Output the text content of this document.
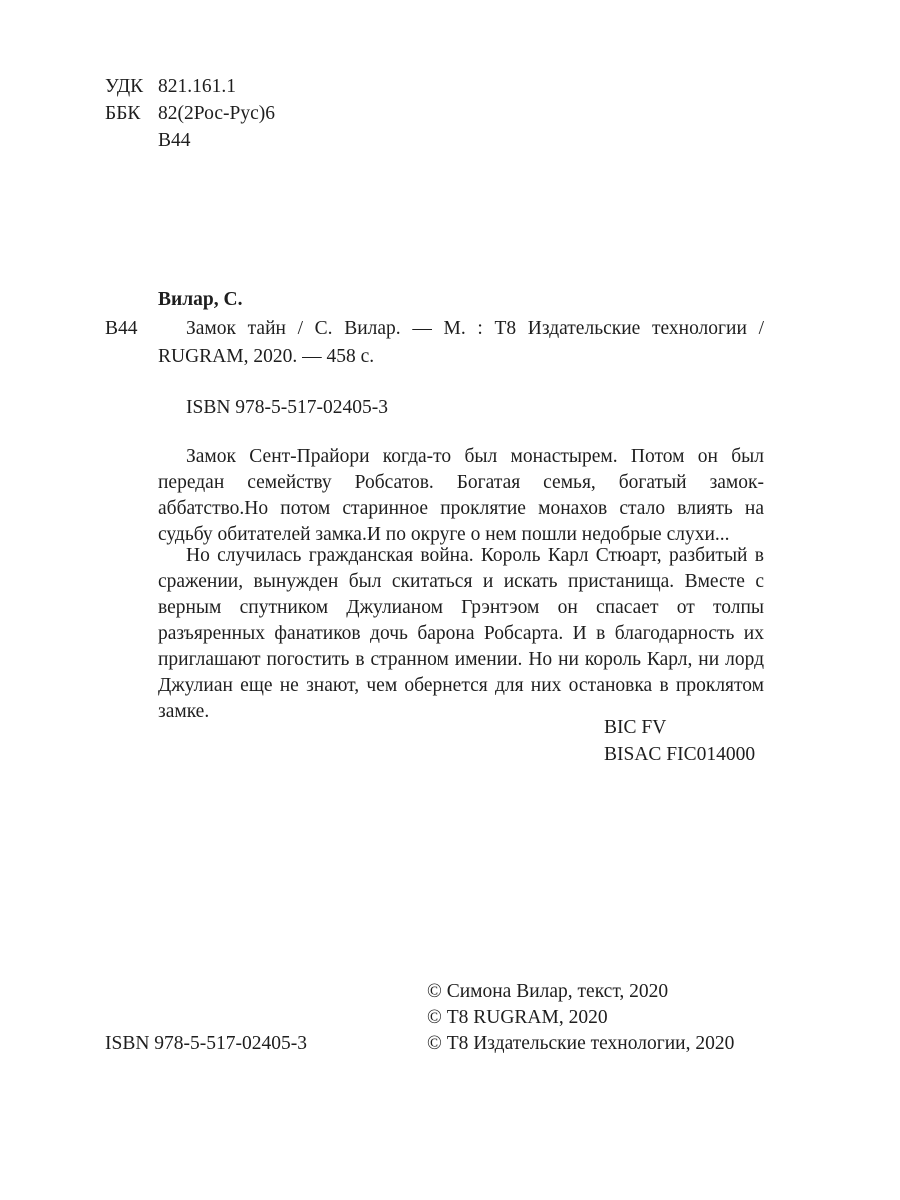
УДК 821.161.1
ББК 82(2Рос-Рус)6
В44
Вилар, С.
В44 Замок тайн / С. Вилар. — М. : Т8 Издательские технологии /
RUGRAM, 2020. — 458 с.
ISBN 978-5-517-02405-3

Замок Сент-Прайори когда-то был монастырем. Потом он был передан семейству Робсатов. Богатая семья, богатый замок-аббатство.Но потом старинное проклятие монахов стало влиять на судьбу обитателей замка.И по округе о нем пошли недобрые слухи...

Но случилась гражданская война. Король Карл Стюарт, разбитый в сражении, вынужден был скитаться и искать пристанища. Вместе с верным спутником Джулианом Грэнтэом он спасает от толпы разъяренных фанатиков дочь барона Робсарта. И в благодарность их приглашают погостить в странном имении. Но ни король Карл, ни лорд Джулиан еще не знают, чем обернется для них остановка в проклятом замке.

BIC FV
BISAC FIC014000
ISBN 978-5-517-02405-3
© Симона Вилар, текст, 2020
© Т8 RUGRAM, 2020
© Т8 Издательские технологии, 2020
